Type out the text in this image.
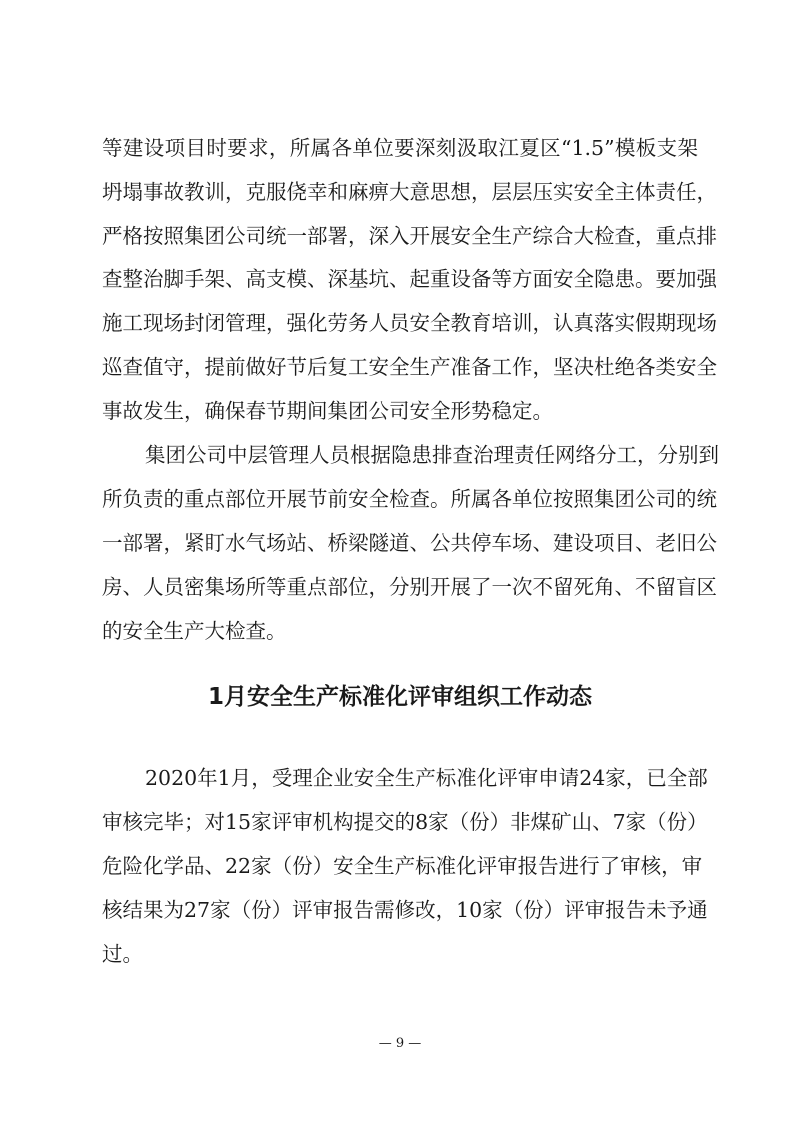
等建设项目时要求，所属各单位要深刻汲取江夏区“1.5”模板支架
坍塌事故教训，克服侥幸和麻痹大意思想，层层压实安全主体责任，
严格按照集团公司统一部署，深入开展安全生产综合大检查，重点排
查整治脚手架、高支模、深基坑、起重设备等方面安全隐患。要加强
施工现场封闭管理，强化劳务人员安全教育培训，认真落实假期现场
巡查值守，提前做好节后复工安全生产准备工作，坚决杜绝各类安全
事故发生，确保春节期间集团公司安全形势稳定。
集团公司中层管理人员根据隐患排查治理责任网络分工，分别到
所负责的重点部位开展节前安全检查。所属各单位按照集团公司的统
一部署，紧盯水气场站、桥梁隧道、公共停车场、建设项目、老旧公
房、人员密集场所等重点部位，分别开展了一次不留死角、不留盲区
的安全生产大检查。
1月安全生产标准化评审组织工作动态
2020年1月，受理企业安全生产标准化评审申请24家，已全部
审核完毕；对15家评审机构提交的8家（份）非煤矿山、7家（份）
危险化学品、22家（份）安全生产标准化评审报告进行了审核，审
核结果为27家（份）评审报告需修改，10家（份）评审报告未予通
过。
— 9 —
